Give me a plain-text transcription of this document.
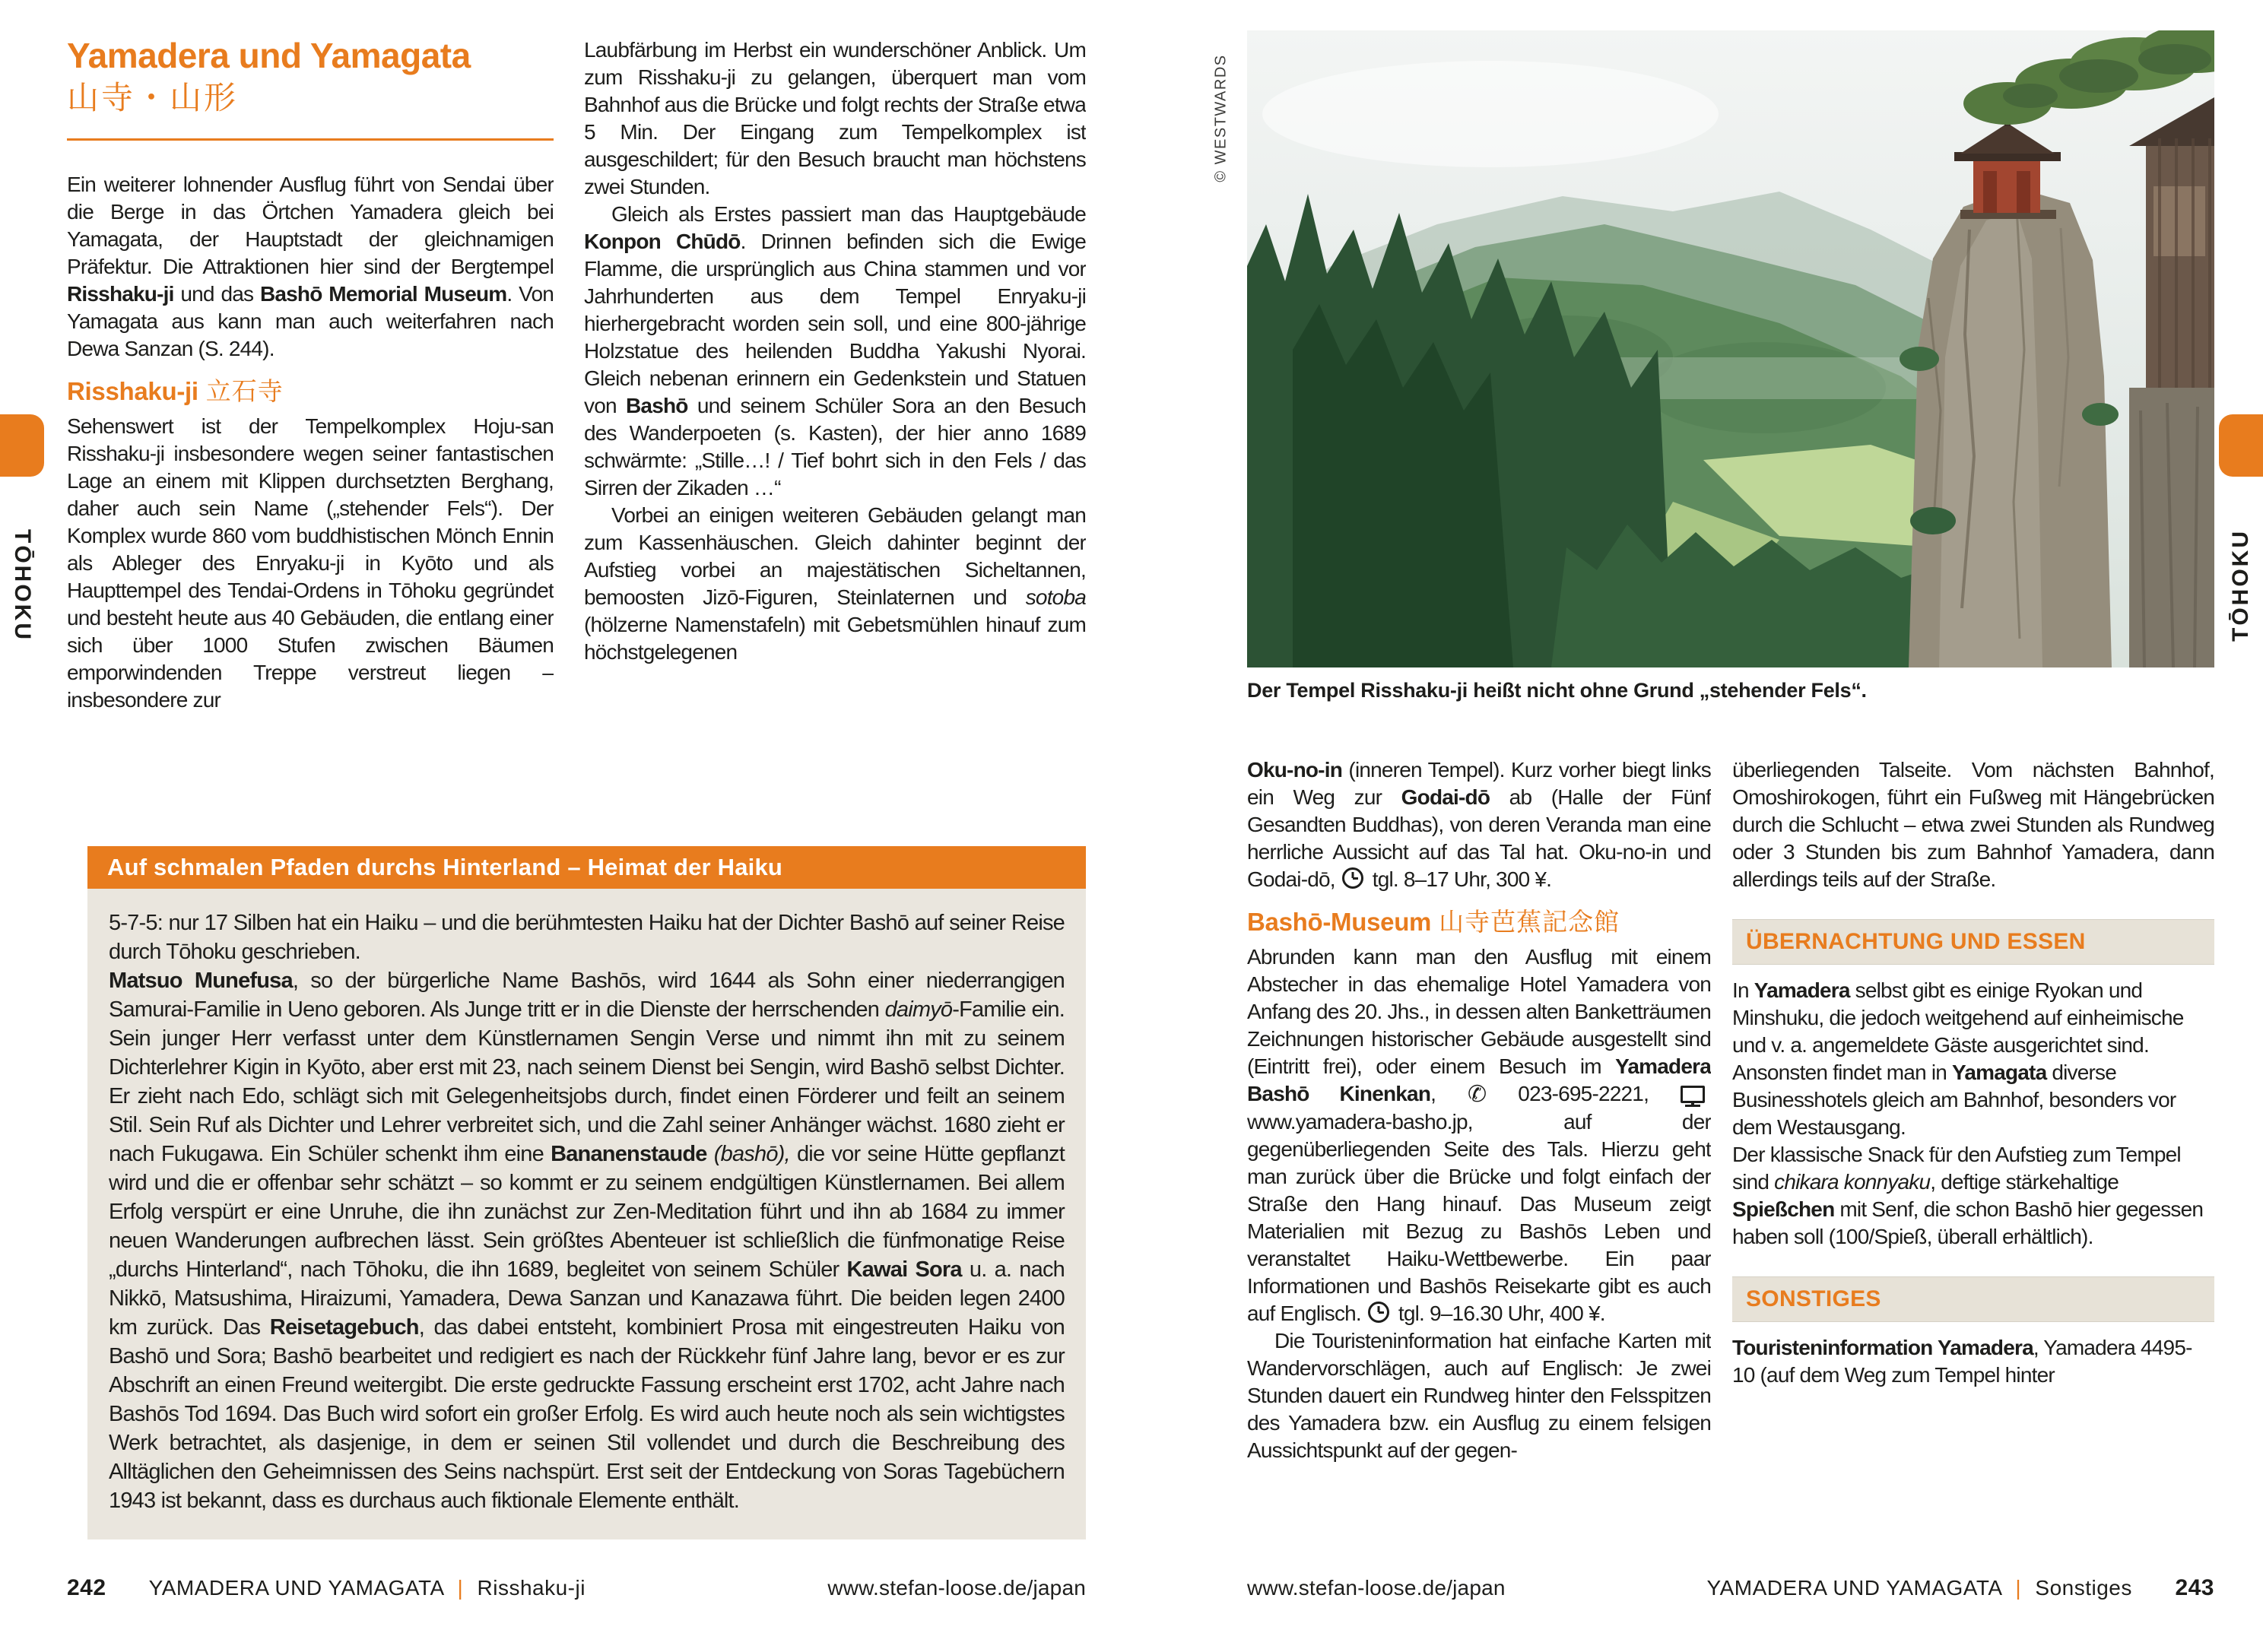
TŌHOKU	TŌHOKU
Yamadera und Yamagata
山寺・山形

Ein weiterer lohnender Ausflug führt von Sendai über die Berge in das Örtchen Yamadera gleich bei Yamagata, der Hauptstadt der gleichnamigen Präfektur. Die Attraktionen hier sind der Bergtempel Risshaku-ji und das Bashō Memorial Museum. Von Yamagata aus kann man auch weiterfahren nach Dewa Sanzan (S. 244).

Risshaku-ji 立石寺

Sehenswert ist der Tempelkomplex Hoju-san Risshaku-ji insbesondere wegen seiner fantastischen Lage an einem mit Klippen durchsetzten Berghang, daher auch sein Name („stehender Fels“). Der Komplex wurde 860 vom buddhistischen Mönch Ennin als Ableger des Enryaku-ji in Kyōto und als Haupttempel des Tendai-Ordens in Tōhoku gegründet und besteht heute aus 40 Gebäuden, die entlang einer sich über 1000 Stufen zwischen Bäumen emporwindenden Treppe verstreut liegen – insbesondere zur

Laubfärbung im Herbst ein wunderschöner Anblick. Um zum Risshaku-ji zu gelangen, überquert man vom Bahnhof aus die Brücke und folgt rechts der Straße etwa 5 Min. Der Eingang zum Tempelkomplex ist ausgeschildert; für den Besuch braucht man höchstens zwei Stunden.

Gleich als Erstes passiert man das Hauptgebäude Konpon Chūdō. Drinnen befinden sich die Ewige Flamme, die ursprünglich aus China stammen und vor Jahrhunderten aus dem Tempel Enryaku-ji hierhergebracht worden sein soll, und eine 800-jährige Holzstatue des heilenden Buddha Yakushi Nyorai. Gleich nebenan erinnern ein Gedenkstein und Statuen von Bashō und seinem Schüler Sora an den Besuch des Wanderpoeten (s. Kasten), der hier anno 1689 schwärmte: „Stille…! / Tief bohrt sich in den Fels / das Sirren der Zikaden …“

Vorbei an einigen weiteren Gebäuden gelangt man zum Kassenhäuschen. Gleich dahinter beginnt der Aufstieg vorbei an majestätischen Sicheltannen, bemoosten Jizō-Figuren, Steinlaternen und sotoba (hölzerne Namenstafeln) mit Gebetsmühlen hinauf zum höchstgelegenen

Auf schmalen Pfaden durchs Hinterland – Heimat der Haiku

5-7-5: nur 17 Silben hat ein Haiku – und die berühmtesten Haiku hat der Dichter Bashō auf seiner Reise durch Tōhoku geschrieben.

Matsuo Munefusa, so der bürgerliche Name Bashōs, wird 1644 als Sohn einer niederrangigen Samurai-Familie in Ueno geboren. Als Junge tritt er in die Dienste der herrschenden daimyō-Familie ein. Sein junger Herr verfasst unter dem Künstlernamen Sengin Verse und nimmt ihn mit zu seinem Dichterlehrer Kigin in Kyōto, aber erst mit 23, nach seinem Dienst bei Sengin, wird Bashō selbst Dichter. Er zieht nach Edo, schlägt sich mit Gelegenheitsjobs durch, findet einen Förderer und feilt an seinem Stil. Sein Ruf als Dichter und Lehrer verbreitet sich, und die Zahl seiner Anhänger wächst. 1680 zieht er nach Fukugawa. Ein Schüler schenkt ihm eine Bananenstaude (bashō), die vor seine Hütte gepflanzt wird und die er offenbar sehr schätzt – so kommt er zu seinem endgültigen Künstlernamen. Bei allem Erfolg verspürt er eine Unruhe, die ihn zunächst zur Zen-Meditation führt und ihn ab 1684 zu immer neuen Wanderungen aufbrechen lässt. Sein größtes Abenteuer ist schließlich die fünfmonatige Reise „durchs Hinterland“, nach Tōhoku, die ihn 1689, begleitet von seinem Schüler Kawai Sora u. a. nach Nikkō, Matsushima, Hiraizumi, Yamadera, Dewa Sanzan und Kanazawa führt. Die beiden legen 2400 km zurück. Das Reisetagebuch, das dabei entsteht, kombiniert Prosa mit eingestreuten Haiku von Bashō und Sora; Bashō bearbeitet und redigiert es nach der Rückkehr fünf Jahre lang, bevor er es zur Abschrift an einen Freund weitergibt. Die erste gedruckte Fassung erscheint erst 1702, acht Jahre nach Bashōs Tod 1694. Das Buch wird sofort ein großer Erfolg. Es wird auch heute noch als sein wichtigstes Werk betrachtet, als dasjenige, in dem er seinen Stil vollendet und durch die Beschreibung des Alltäglichen den Geheimnissen des Seins nachspürt. Erst seit der Entdeckung von Soras Tagebüchern 1943 ist bekannt, dass es durchaus auch fiktionale Elemente enthält.

242 YAMADERA UND YAMAGATA | Risshaku-ji	www.stefan-loose.de/japan
© WESTWARDS
Der Tempel Risshaku-ji heißt nicht ohne Grund „stehender Fels“.

Oku-no-in (inneren Tempel). Kurz vorher biegt links ein Weg zur Godai-dō ab (Halle der Fünf Gesandten Buddhas), von deren Veranda man eine herrliche Aussicht auf das Tal hat. Oku-no-in und Godai-dō,  tgl. 8–17 Uhr, 300 ¥.

Bashō-Museum 山寺芭蕉記念館

Abrunden kann man den Ausflug mit einem Abstecher in das ehemalige Hotel Yamadera von Anfang des 20. Jhs., in dessen alten Banketträumen Zeichnungen historischer Gebäude ausgestellt sind (Eintritt frei), oder einem Besuch im Yamadera Bashō Kinenkan, ✆ 023-695-2221,  www.yamadera-basho.jp, auf der gegenüberliegenden Seite des Tals. Hierzu geht man zurück über die Brücke und folgt einfach der Straße den Hang hinauf. Das Museum zeigt Materialien mit Bezug zu Bashōs Leben und veranstaltet Haiku-Wettbewerbe. Ein paar Informationen und Bashōs Reisekarte gibt es auch auf Englisch.  tgl. 9–16.30 Uhr, 400 ¥.

Die Touristeninformation hat einfache Karten mit Wandervorschlägen, auch auf Englisch: Je zwei Stunden dauert ein Rundweg hinter den Felsspitzen des Yamadera bzw. ein Ausflug zu einem felsigen Aussichtspunkt auf der gegen-

überliegenden Talseite. Vom nächsten Bahnhof, Omoshirokogen, führt ein Fußweg mit Hängebrücken durch die Schlucht – etwa zwei Stunden als Rundweg oder 3 Stunden bis zum Bahnhof Yamadera, dann allerdings teils auf der Straße.

ÜBERNACHTUNG UND ESSEN

In Yamadera selbst gibt es einige Ryokan und Minshuku, die jedoch weitgehend auf einheimische und v. a. angemeldete Gäste ausgerichtet sind.

Ansonsten findet man in Yamagata diverse Businesshotels gleich am Bahnhof, besonders vor dem Westausgang.

Der klassische Snack für den Aufstieg zum Tempel sind chikara konnyaku, deftige stärkehaltige Spießchen mit Senf, die schon Bashō hier gegessen haben soll (100/Spieß, überall erhältlich).

SONSTIGES

Touristeninformation Yamadera, Yamadera 4495-10 (auf dem Weg zum Tempel hinter

www.stefan-loose.de/japan	YAMADERA UND YAMAGATA | Sonstiges 243
